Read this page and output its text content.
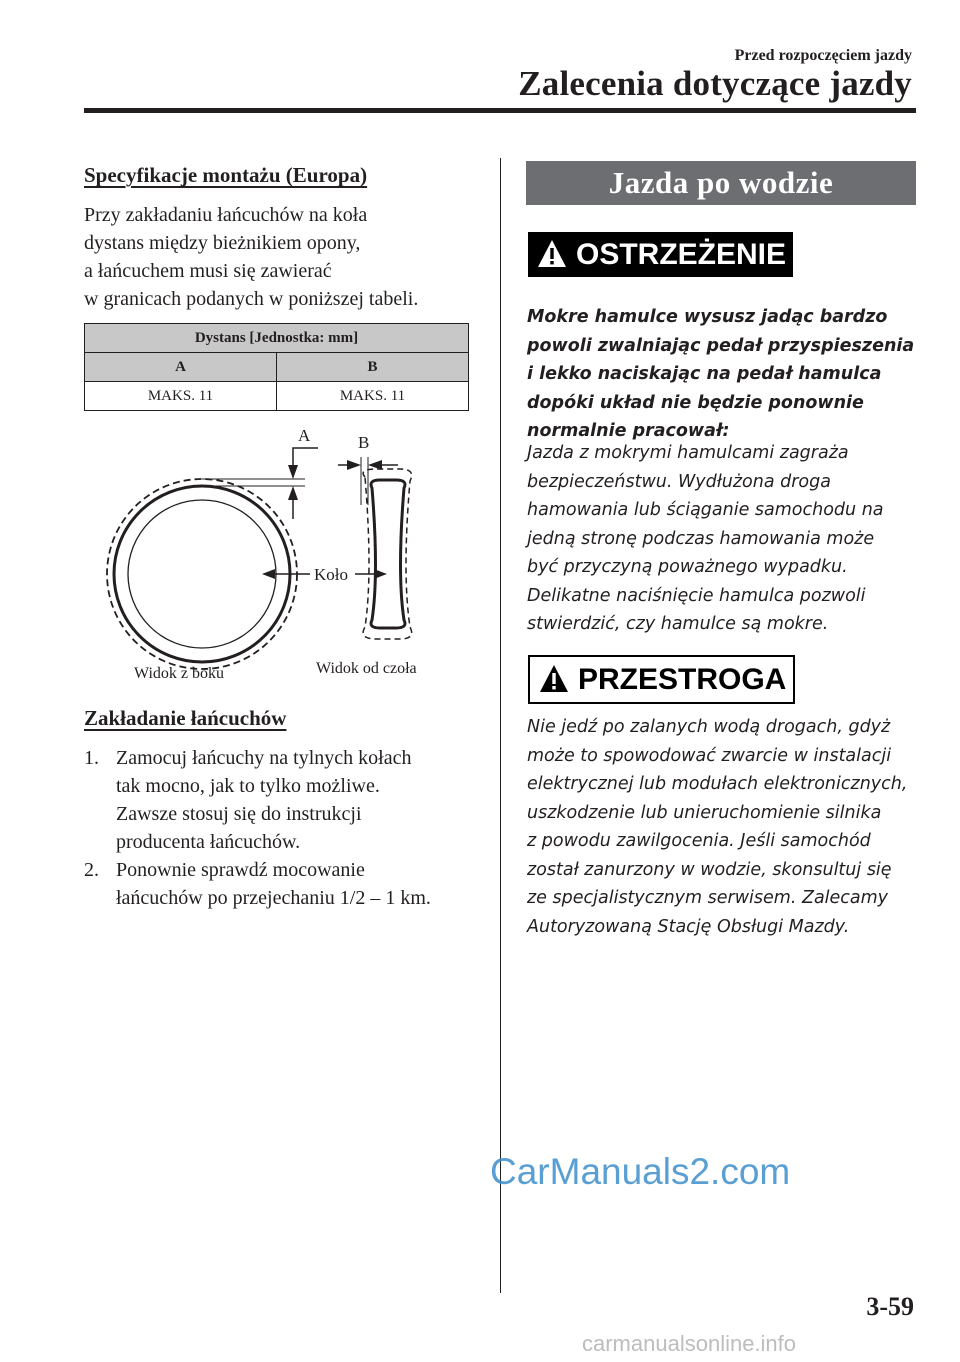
Przed rozpoczęciem jazdy
Zalecenia dotyczące jazdy
Specyfikacje montażu (Europa)
Przy zakładaniu łańcuchów na koła
dystans między bieżnikiem opony,
a łańcuchem musi się zawierać
w granicach podanych w poniższej tabeli.
Dystans [Jednostka: mm]	
A	B
MAKS. 11	MAKS. 11
A	B
Koło
Widok z boku	Widok od czoła
Zakładanie łańcuchów
1. Zamocuj łańcuchy na tylnych kołach
tak mocno, jak to tylko możliwe.
Zawsze stosuj się do instrukcji
producenta łańcuchów.
2. Ponownie sprawdź mocowanie
łańcuchów po przejechaniu 1/2 – 1 km.
Jazda po wodzie
OSTRZEŻENIE
Mokre hamulce wysusz jadąc bardzo
powoli zwalniając pedał przyspieszenia
i lekko naciskając na pedał hamulca
dopóki układ nie będzie ponownie
normalnie pracował:
Jazda z mokrymi hamulcami zagraża
bezpieczeństwu. Wydłużona droga
hamowania lub ściąganie samochodu na
jedną stronę podczas hamowania może
być przyczyną poważnego wypadku.
Delikatne naciśnięcie hamulca pozwoli
stwierdzić, czy hamulce są mokre.
PRZESTROGA
Nie jedź po zalanych wodą drogach, gdyż
może to spowodować zwarcie w instalacji
elektrycznej lub modułach elektronicznych,
uszkodzenie lub unieruchomienie silnika
z powodu zawilgocenia. Jeśli samochód
został zanurzony w wodzie, skonsultuj się
ze specjalistycznym serwisem. Zalecamy
Autoryzowaną Stację Obsługi Mazdy.
CarManuals2.com
3-59
carmanualsonline.info
